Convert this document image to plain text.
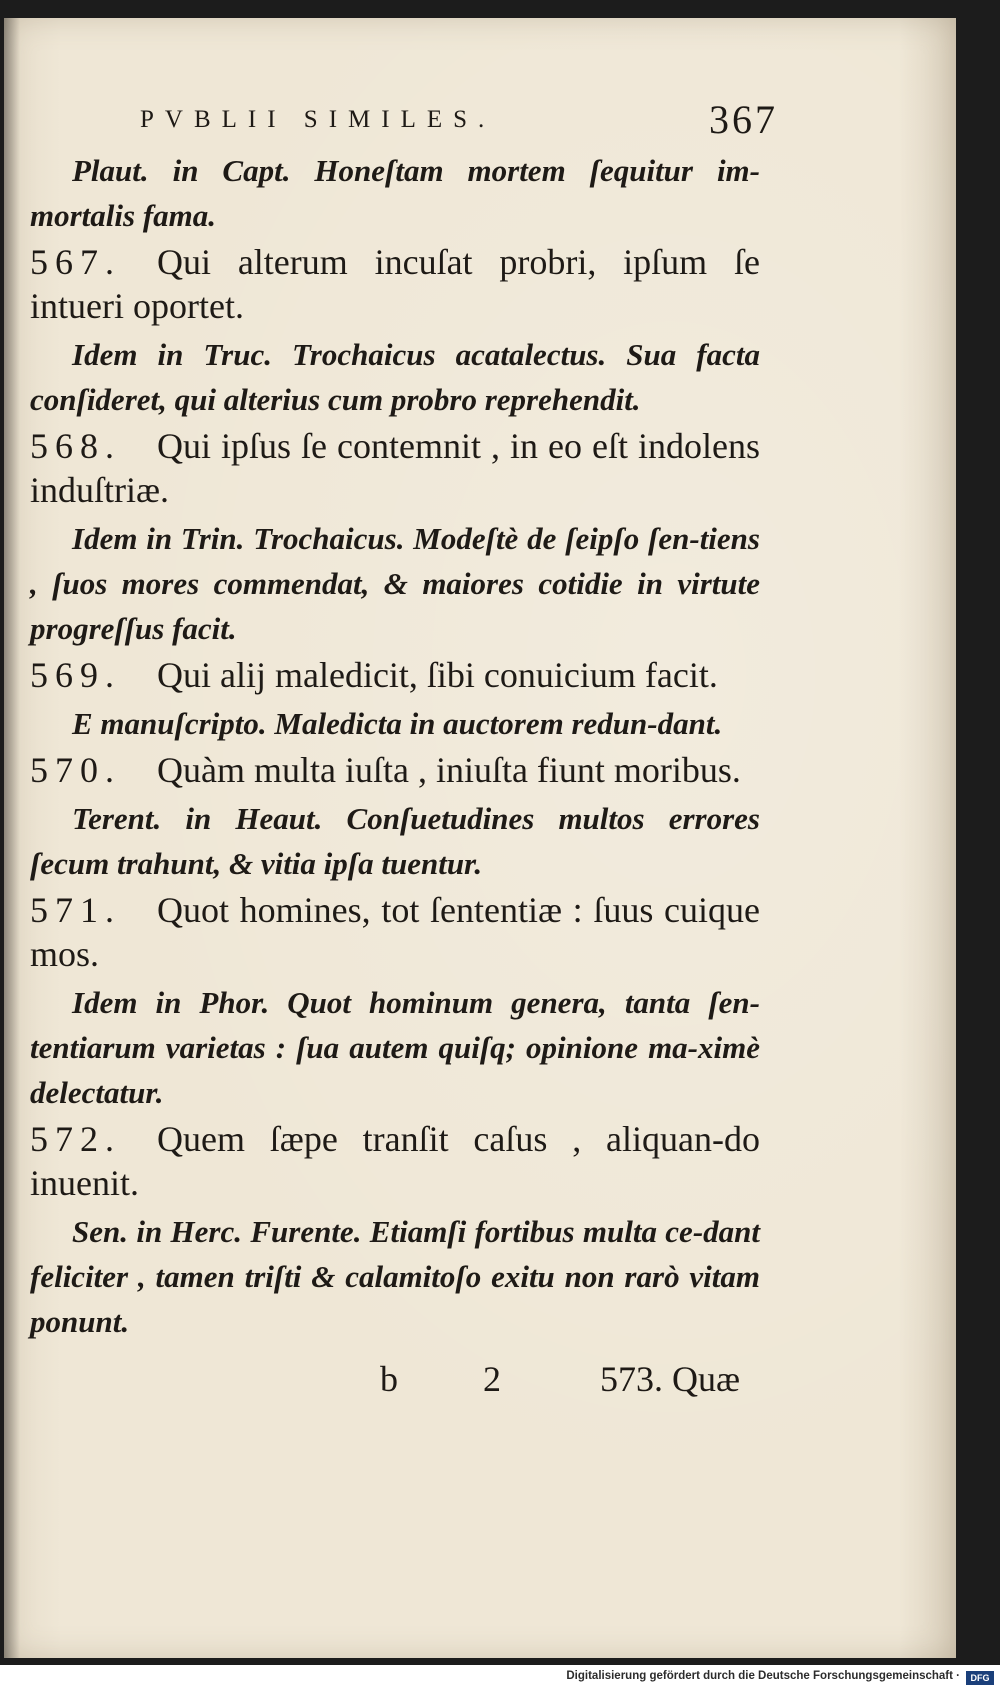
PVBLII SIMILES.	367

Plaut. in Capt. Honeſtam mortem ſequitur im-mortalis fama.

567. Qui alterum incuſat probri, ipſum ſe intueri oportet.

Idem in Truc. Trochaicus acatalectus. Sua facta conſideret, qui alterius cum probro reprehendit.

568. Qui ipſus ſe contemnit , in eo eſt indolens induſtriæ.

Idem in Trin. Trochaicus. Modeſtè de ſeipſo ſen-tiens , ſuos mores commendat, & maiores cotidie in virtute progreſſus facit.

569. Qui alij maledicit, ſibi conuicium facit.

E manuſcripto. Maledicta in auctorem redun-dant.

570. Quàm multa iuſta , iniuſta fiunt moribus.

Terent. in Heaut. Conſuetudines multos errores ſecum trahunt, & vitia ipſa tuentur.

571. Quot homines, tot ſententiæ : ſuus cuique mos.

Idem in Phor. Quot hominum genera, tanta ſen-tentiarum varietas : ſua autem quiſq; opinione ma-ximè delectatur.

572. Quem ſæpe tranſit caſus , aliquan-do inuenit.

Sen. in Herc. Furente. Etiamſi fortibus multa ce-dant feliciter , tamen triſti & calamitoſo exitu non rarò vitam ponunt.

b 2 573. Quæ
Digitalisierung gefördert durch die Deutsche Forschungsgemeinschaft ·	DFG
